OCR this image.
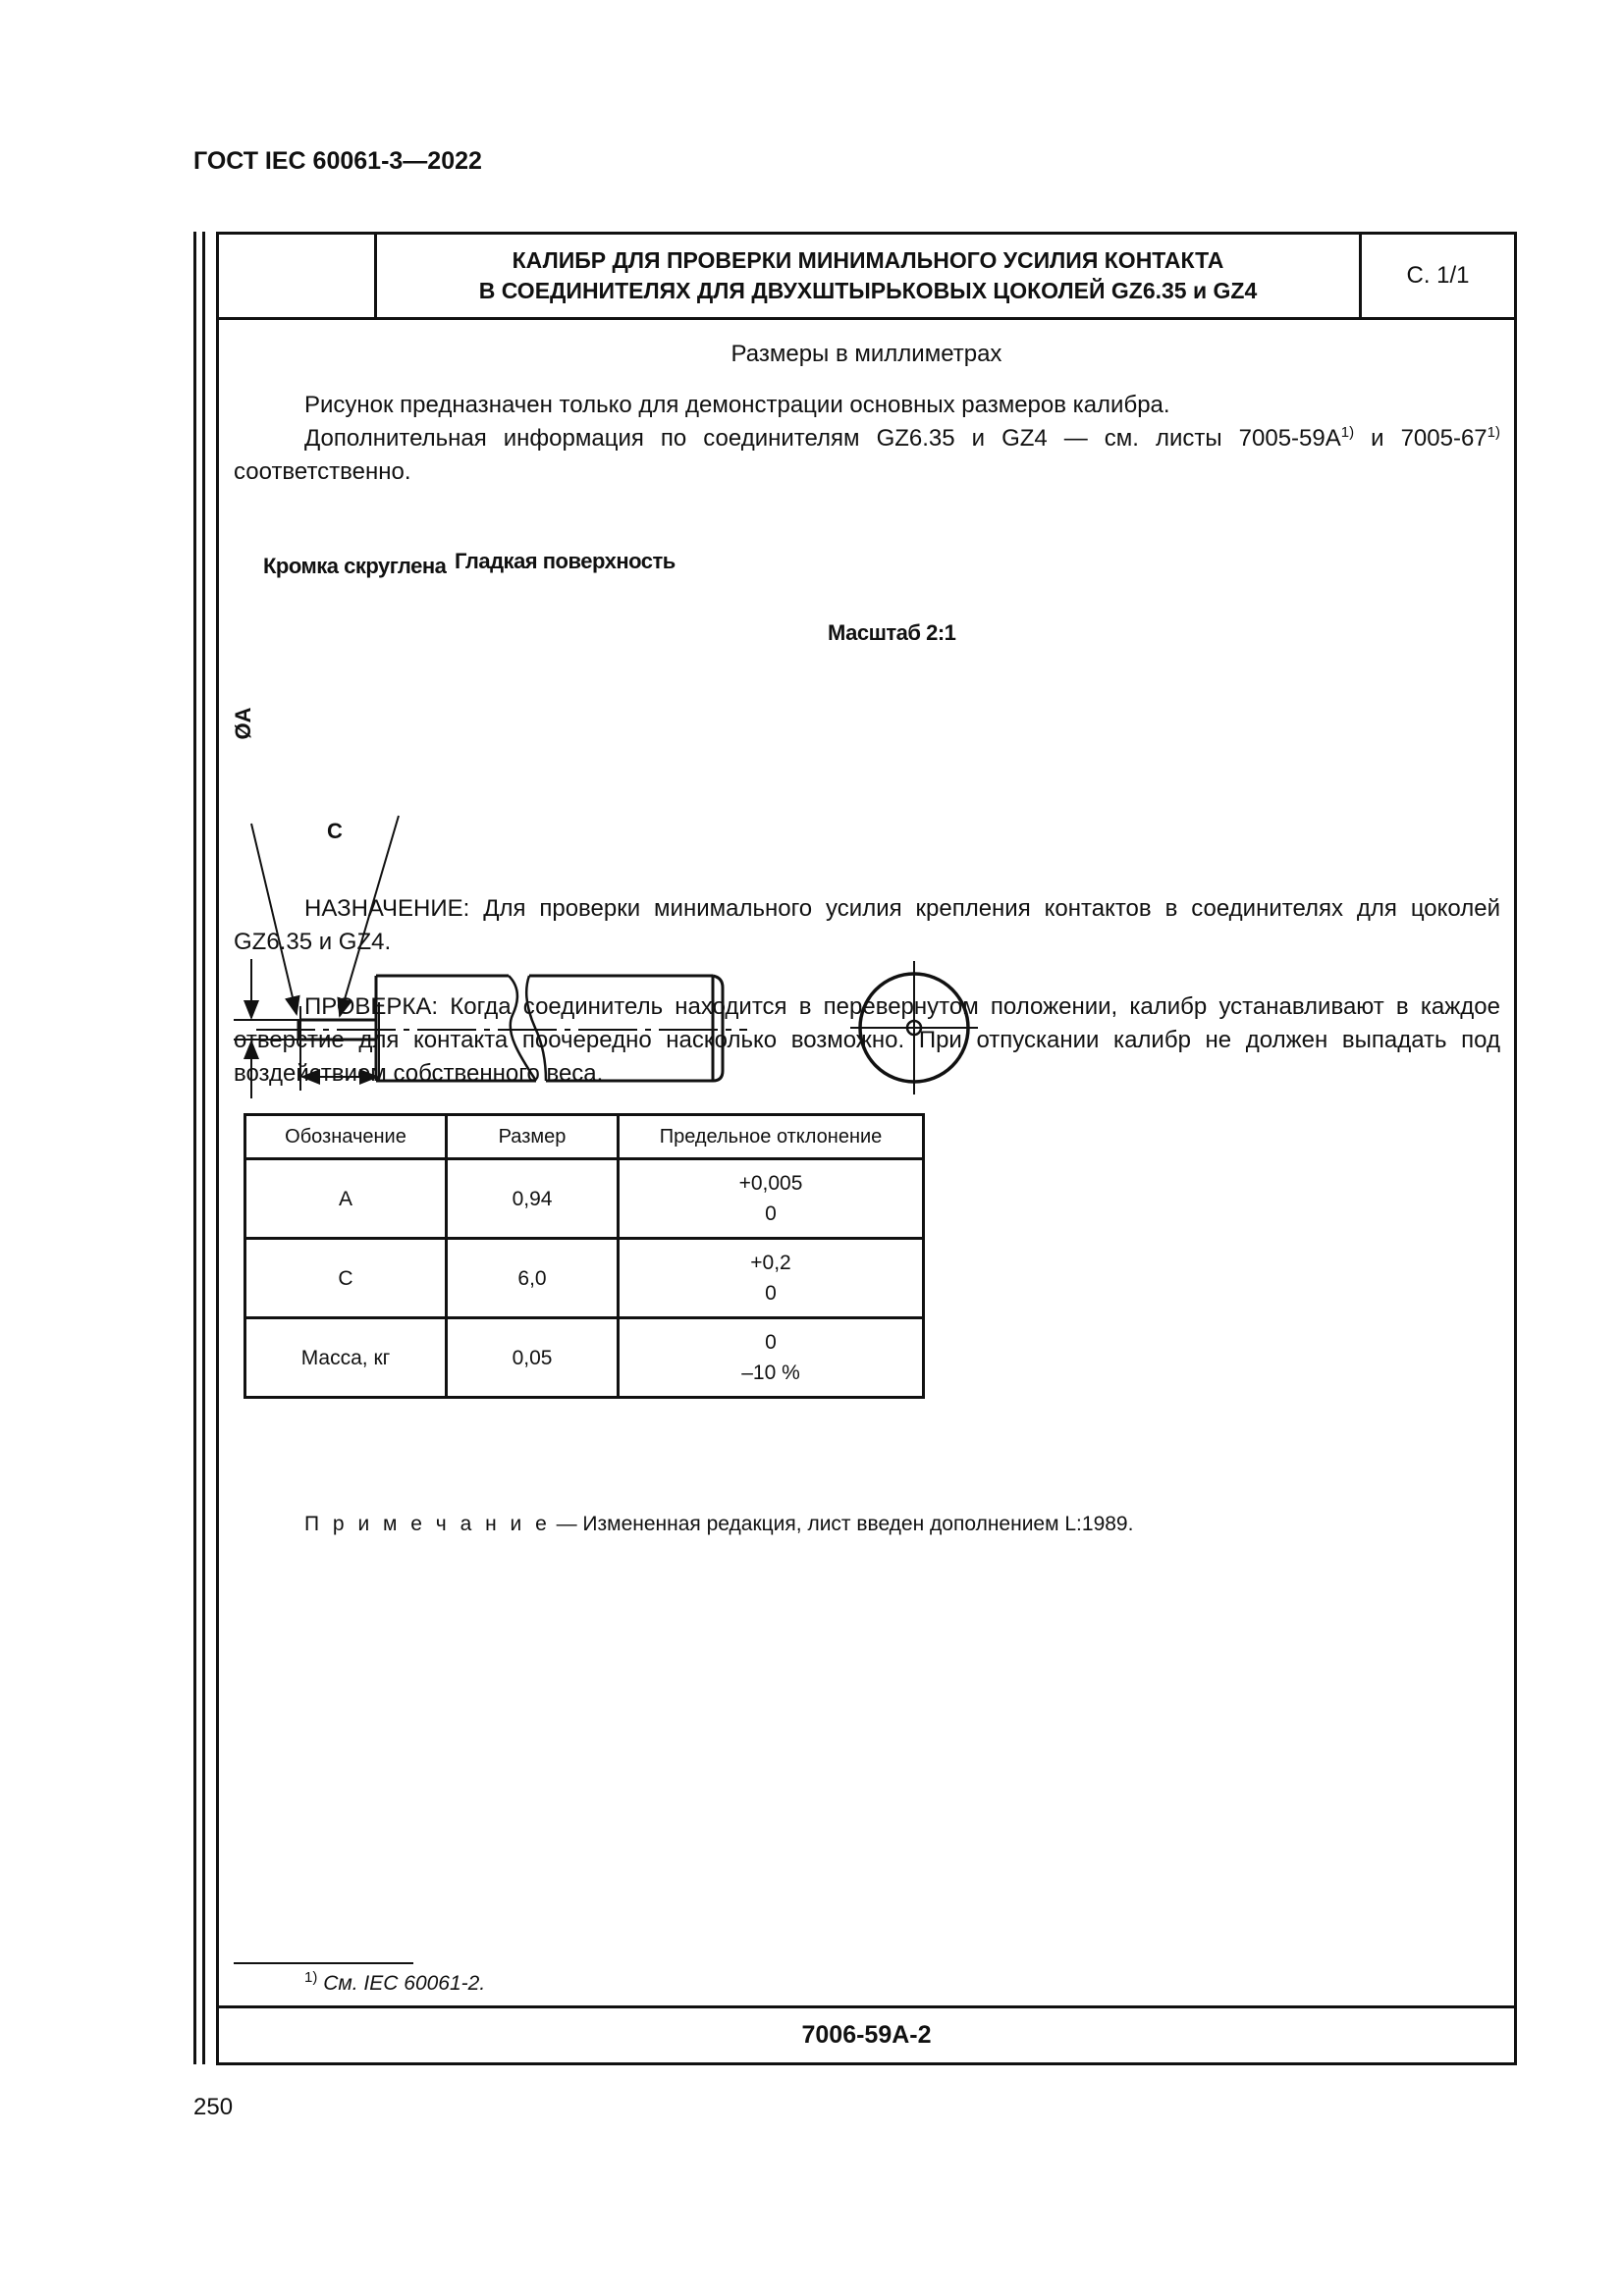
ГОСТ IEC 60061-3—2022
КАЛИБР ДЛЯ ПРОВЕРКИ МИНИМАЛЬНОГО УСИЛИЯ КОНТАКТА
В СОЕДИНИТЕЛЯХ ДЛЯ ДВУХШТЫРЬКОВЫХ ЦОКОЛЕЙ GZ6.35 и GZ4
С. 1/1
Размеры в миллиметрах
Рисунок предназначен только для демонстрации основных размеров калибра.
Дополнительная информация по соединителям GZ6.35 и GZ4 — см. листы $7005-59А^{1)}$ и 7005-67$^{1)}$ соответственно.
Кромка скруглена Гладкая поверхность
Масштаб 2:1
ØA
C
НАЗНАЧЕНИЕ: Для проверки минимального усилия крепления контактов в соединителях для цоколей GZ6.35 и GZ4.
ПРОВЕРКА: Когда соединитель находится в перевернутом положении, калибр устанавливают в каждое отверстие для контакта поочередно насколько возможно. При отпускании калибр не должен выпадать под воздействием собственного веса.
Обозначение	Размер	Предельное отклонение
А	0,94	+0,005
0

С	6,0	+0,2
0

Масса, кг	0,05	0
–10 %
П р и м е ч а н и е — Измененная редакция, лист введен дополнением L:1989.
$^{1)}$ См. IEC 60061-2.
7006-59А-2
250
